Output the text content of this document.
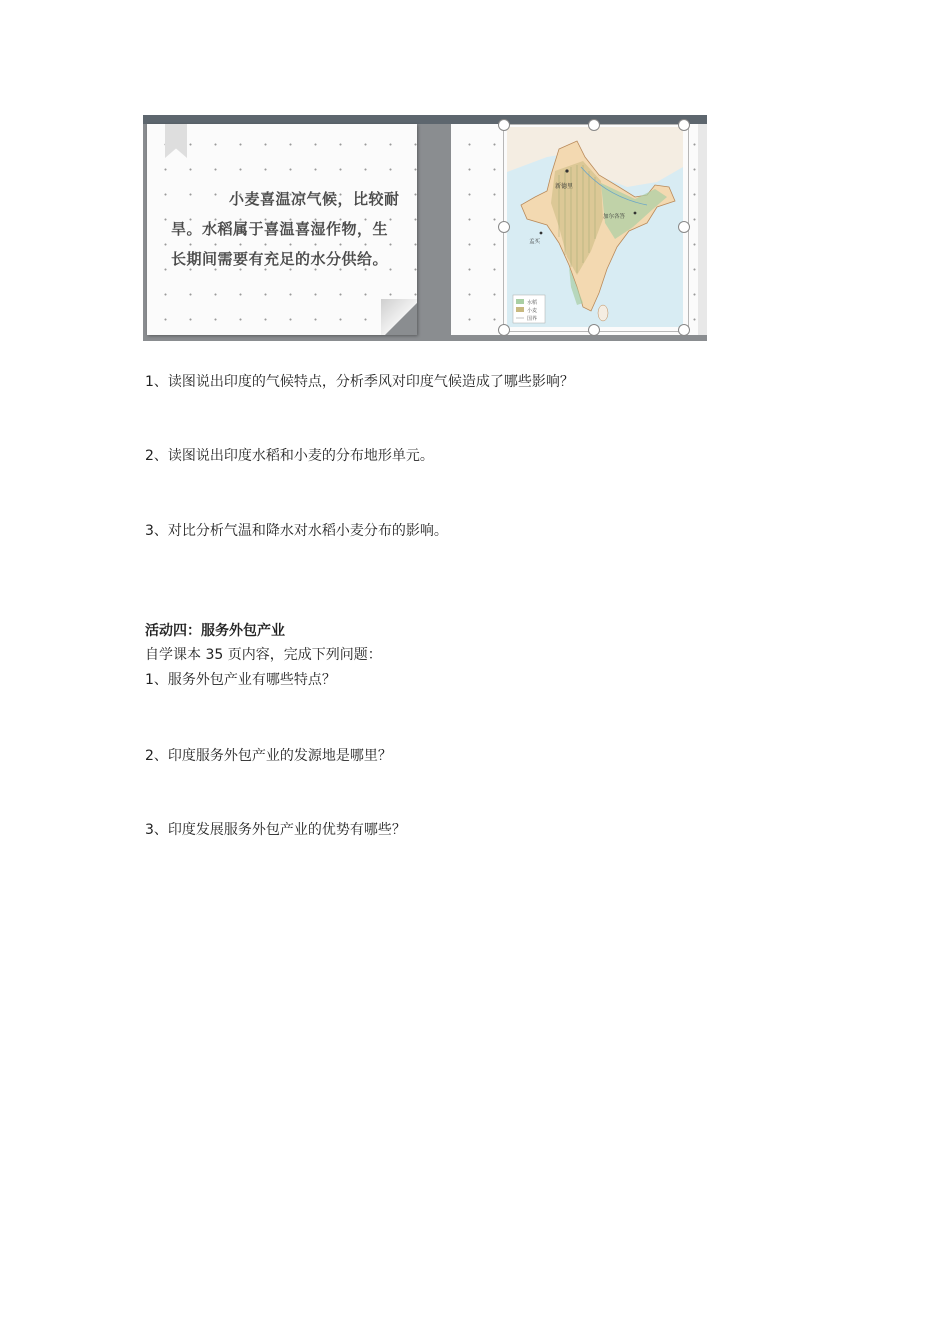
小麦喜温凉气候，比较耐旱。水稻属于喜温喜湿作物，生长期间需要有充足的水分供给。
新德里
加尔各答
孟买
水稻
小麦
国界
1、读图说出印度的气候特点，分析季风对印度气候造成了哪些影响？
2、读图说出印度水稻和小麦的分布地形单元。
3、对比分析气温和降水对水稻小麦分布的影响。
活动四：服务外包产业
自学课本 35 页内容，完成下列问题：
1、服务外包产业有哪些特点？
2、印度服务外包产业的发源地是哪里？
3、印度发展服务外包产业的优势有哪些？
